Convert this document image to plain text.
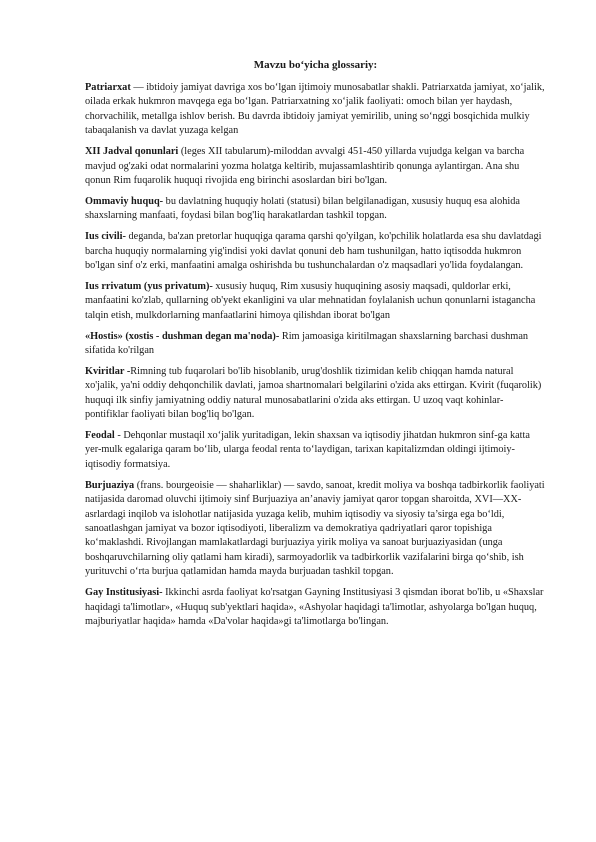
Mavzu bo‘yicha glossariy:

Patriarxat — ibtidoiy jamiyat davriga xos bo‘lgan ijtimoiy munosabatlar shakli. Patriarxatda jamiyat, xo‘jalik, oilada erkak hukmron mavqega ega bo‘lgan. Patriarxatning xo‘jalik faoliyati: omoch bilan yer haydash, chorvachilik, metallga ishlov berish. Bu davrda ibtidoiy jamiyat yemirilib, uning so‘nggi bosqichida mulkiy tabaqalanish va davlat yuzaga kelgan

XII Jadval qonunlari (leges XII tabularum)-miloddan avvalgi 451-450 yillarda vujudga kelgan va barcha mavjud og'zaki odat normalarini yozma holatga keltirib, mujassamlashtirib qonunga aylantirgan. Ana shu qonun Rim fuqarolik huquqi rivojida eng birinchi asoslardan biri bo'lgan.

Ommaviy huquq- bu davlatning huquqiy holati (statusi) bilan belgilanadigan, xususiy huquq esa alohida shaxslarning manfaati, foydasi bilan bog'liq harakatlardan tashkil topgan.

Ius civili- deganda, ba'zan pretorlar huquqiga qarama qarshi qo'yilgan, ko'pchilik holatlarda esa shu davlatdagi barcha huquqiy normalarning yig'indisi yoki davlat qonuni deb ham tushunilgan, hatto iqtisodda hukmron bo'lgan sinf o'z erki, manfaatini amalga oshirishda bu tushunchalardan o'z maqsadlari yo'lida foydalangan.

Ius rrivatum (yus privatum)- xususiy huquq, Rim xususiy huquqining asosiy maqsadi, quldorlar erki, manfaatini ko'zlab, qullarning ob'yekt ekanligini va ular mehnatidan foylalanish uchun qonunlarni istagancha talqin etish, mulkdorlarning manfaatlarini himoya qilishdan iborat bo'lgan

«Hostis» (xostis - dushman degan ma'noda)- Rim jamoasiga kiritilmagan shaxslarning barchasi dushman sifatida ko'rilgan

Kviritlar -Rimning tub fuqarolari bo'lib hisoblanib, urug'doshlik tizimidan kelib chiqqan hamda natural xo'jalik, ya'ni oddiy dehqonchilik davlati, jamoa shartnomalari belgilarini o'zida aks ettirgan. Kvirit (fuqarolik) huquqi ilk sinfiy jamiyatning oddiy natural munosabatlarini o'zida aks ettirgan. U uzoq vaqt kohinlar-pontifiklar faoliyati bilan bog'liq bo'lgan.

Feodal - Dehqonlar mustaqil xo‘jalik yuritadigan, lekin shaxsan va iqtisodiy jihatdan hukmron sinf-ga katta yer-mulk egalariga qaram bo‘lib, ularga feodal renta to‘laydigan, tarixan kapitalizmdan oldingi ijtimoiy-iqtisodiy formatsiya.

Burjuaziya (frans. bourgeoisie — shaharliklar) — savdo, sanoat, kredit moliya va boshqa tadbirkorlik faoliyati natijasida daromad oluvchi ijtimoiy sinf Burjuaziya an’anaviy jamiyat qaror topgan sharoitda, XVI—XX-asrlardagi inqilob va islohotlar natijasida yuzaga kelib, muhim iqtisodiy va siyosiy ta’sirga ega bo‘ldi, sanoatlashgan jamiyat va bozor iqtisodiyoti, liberalizm va demokratiya qadriyatlari qaror topishiga ko‘maklashdi. Rivojlangan mamlakatlardagi burjuaziya yirik moliya va sanoat burjuaziyasidan (unga boshqaruvchilarning oliy qatlami ham kiradi), sarmoyadorlik va tadbirkorlik vazifalarini birga qo‘shib, ish yurituvchi o‘rta burjua qatlamidan hamda mayda burjuadan tashkil topgan.

Gay Institusiyasi- Ikkinchi asrda faoliyat ko'rsatgan Gayning Institusiyasi 3 qismdan iborat bo'lib, u «Shaxslar haqidagi ta'limotlar», «Huquq sub'yektlari haqida», «Ashyolar haqidagi ta'limotlar, ashyolarga bo'lgan huquq, majburiyatlar haqida» hamda «Da'volar haqida»gi ta'limotlarga bo'lingan.
